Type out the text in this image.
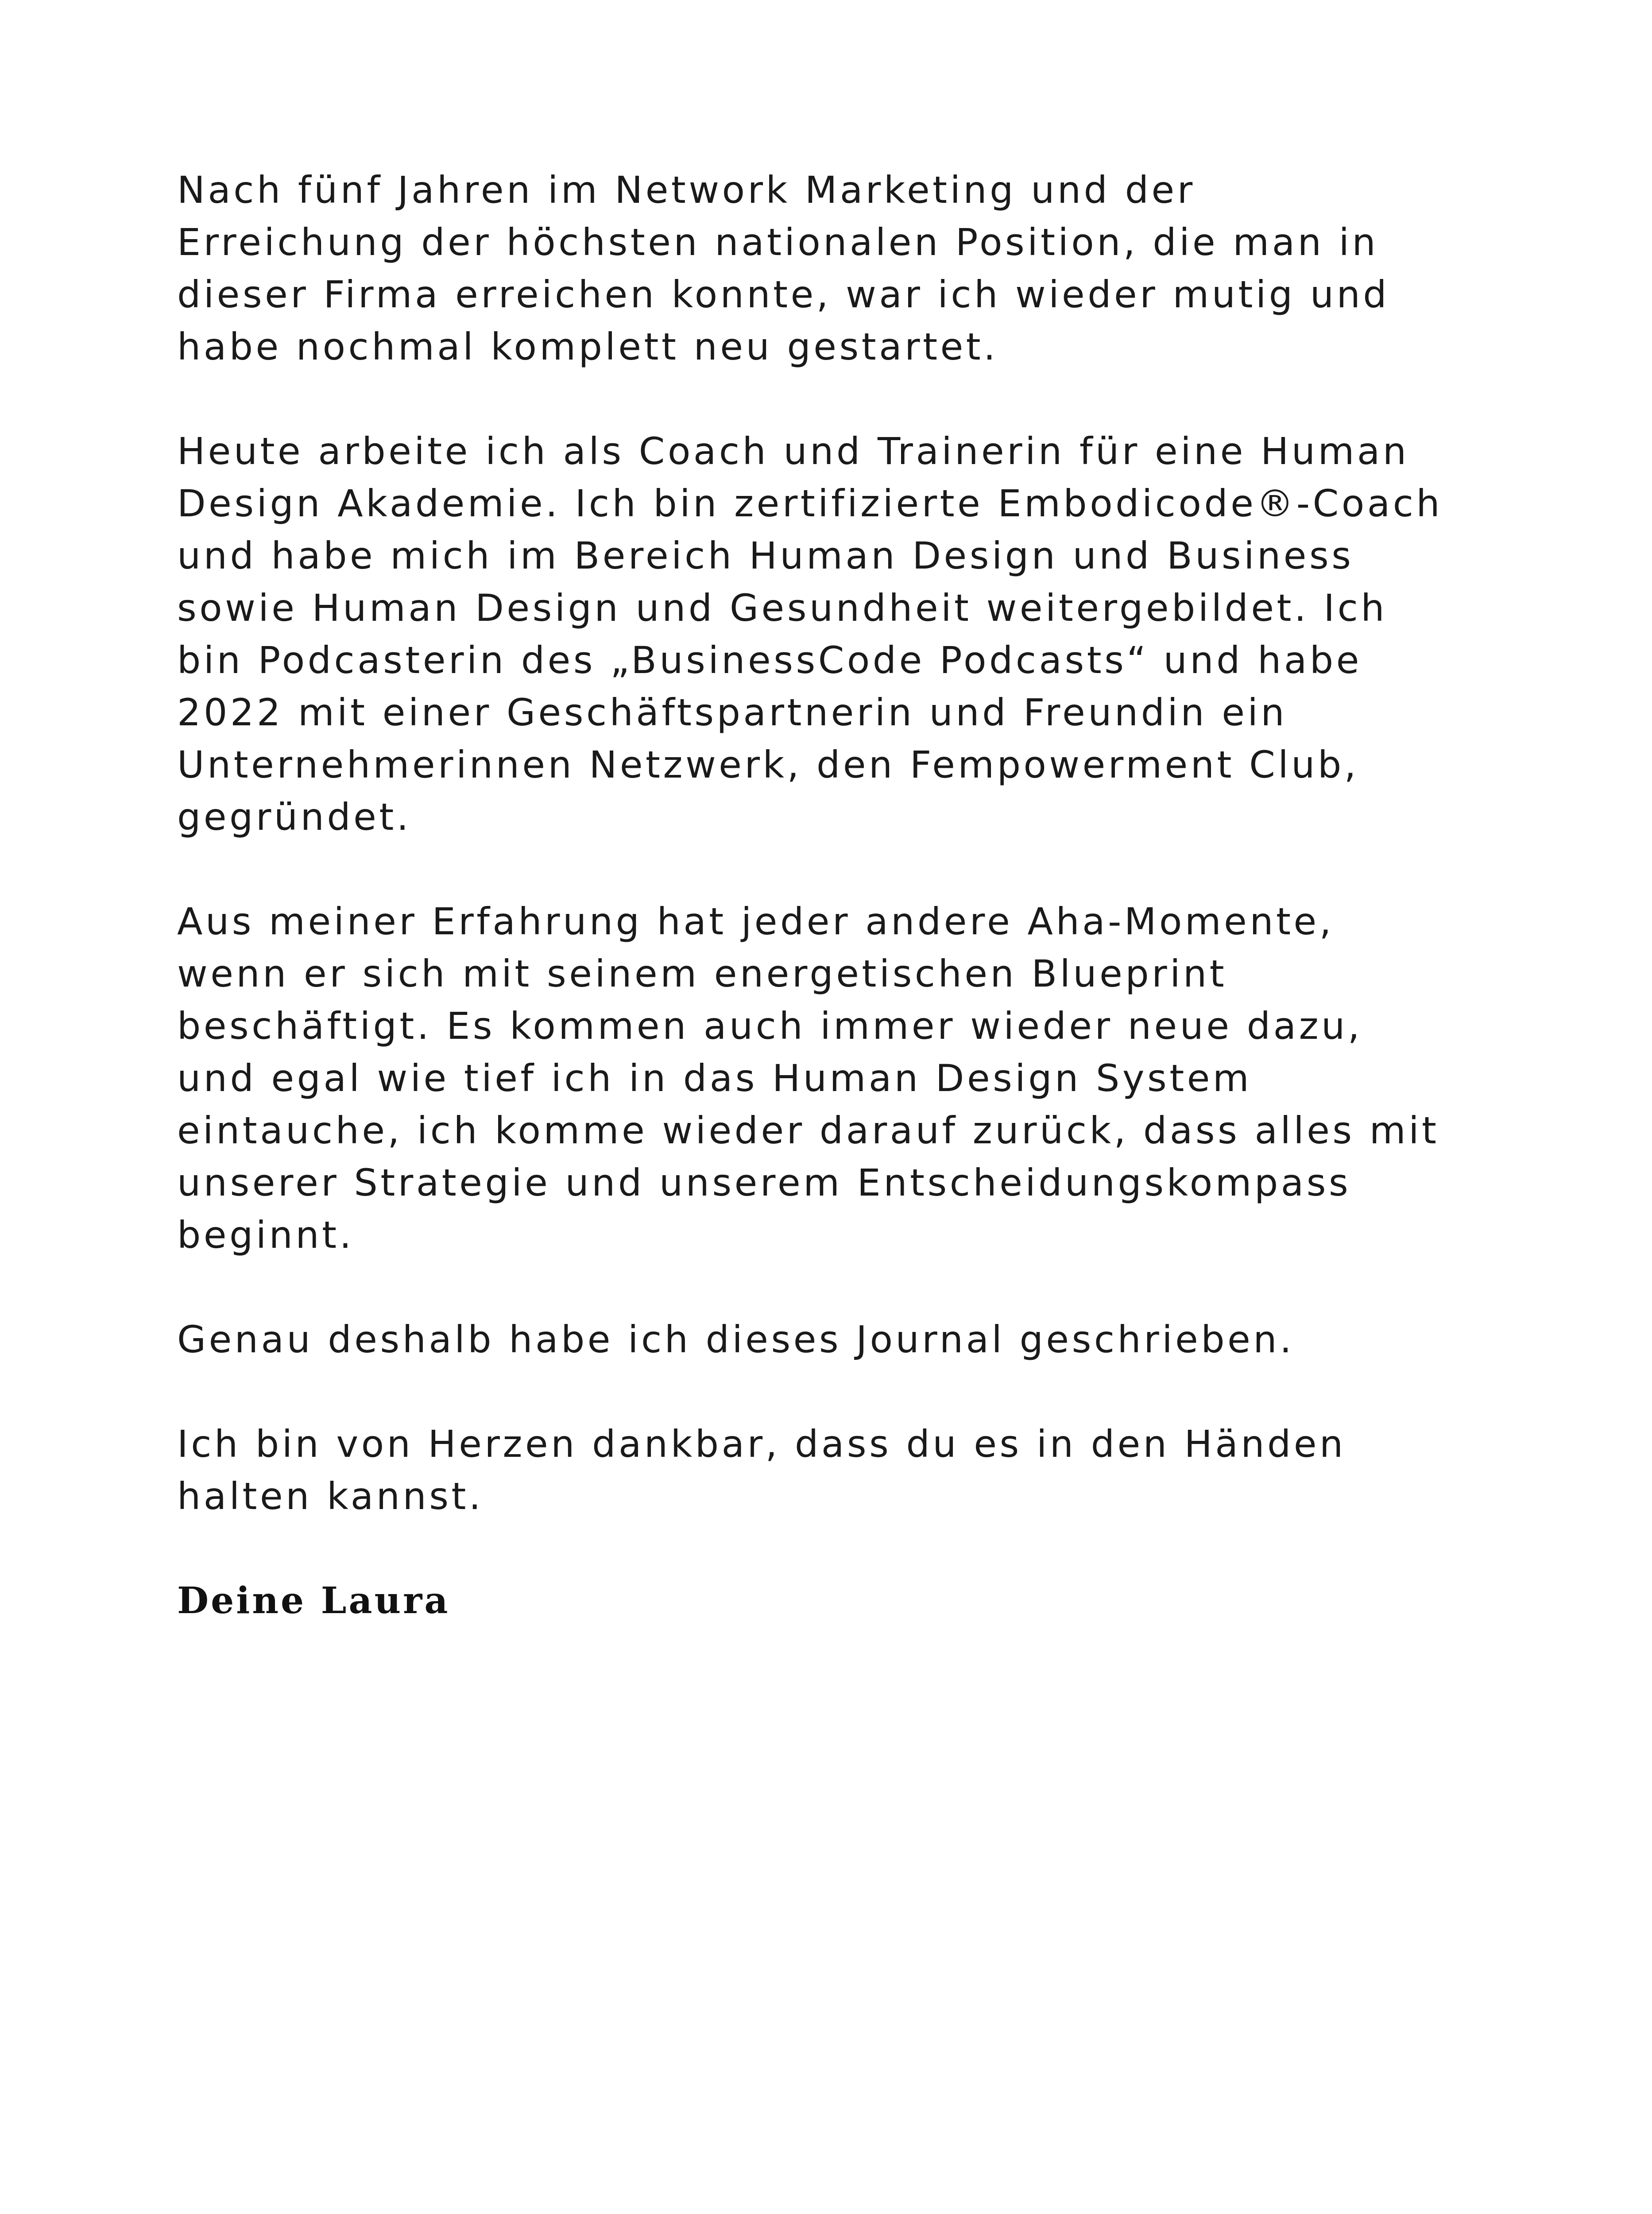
Nach fünf Jahren im Network Marketing und der
Erreichung der höchsten nationalen Position, die man in
dieser Firma erreichen konnte, war ich wieder mutig und
habe nochmal komplett neu gestartet.

Heute arbeite ich als Coach und Trainerin für eine Human
Design Akademie. Ich bin zertifizierte Embodicode®-Coach
und habe mich im Bereich Human Design und Business
sowie Human Design und Gesundheit weitergebildet. Ich
bin Podcasterin des „BusinessCode Podcasts“ und habe
2022 mit einer Geschäftspartnerin und Freundin ein
Unternehmerinnen Netzwerk, den Fempowerment Club,
gegründet.

Aus meiner Erfahrung hat jeder andere Aha-Momente,
wenn er sich mit seinem energetischen Blueprint
beschäftigt. Es kommen auch immer wieder neue dazu,
und egal wie tief ich in das Human Design System
eintauche, ich komme wieder darauf zurück, dass alles mit
unserer Strategie und unserem Entscheidungskompass
beginnt.

Genau deshalb habe ich dieses Journal geschrieben.

Ich bin von Herzen dankbar, dass du es in den Händen
halten kannst.

Deine Laura
